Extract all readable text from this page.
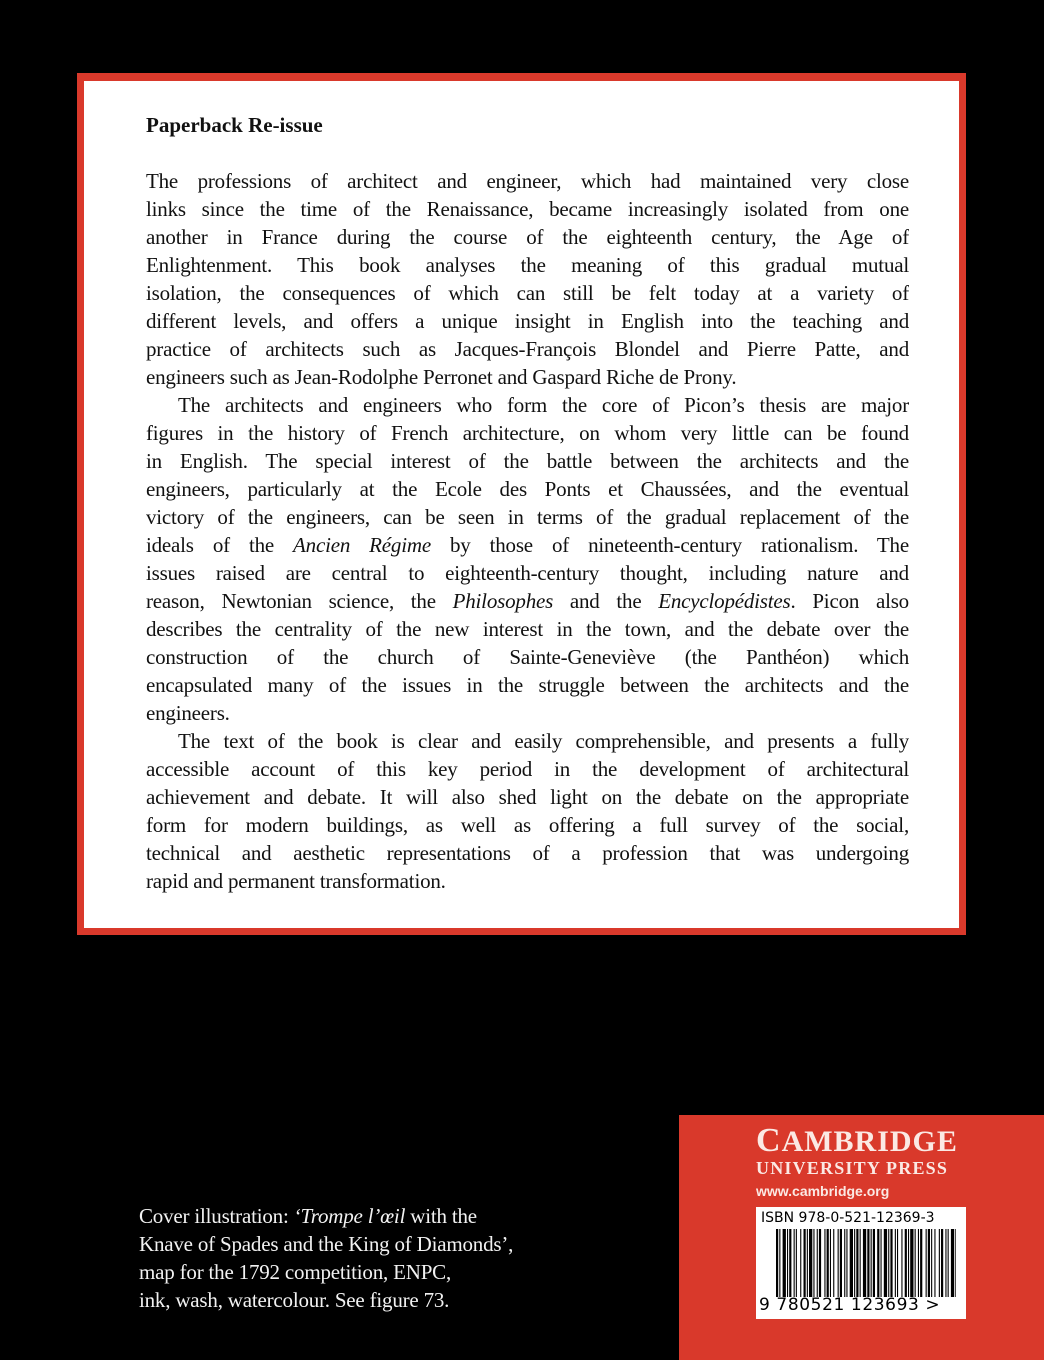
Paperback Re-issue
The professions of architect and engineer, which had maintained very close
links since the time of the Renaissance, became increasingly isolated from one
another in France during the course of the eighteenth century, the Age of
Enlightenment. This book analyses the meaning of this gradual mutual
isolation, the consequences of which can still be felt today at a variety of
different levels, and offers a unique insight in English into the teaching and
practice of architects such as Jacques-François Blondel and Pierre Patte, and
engineers such as Jean-Rodolphe Perronet and Gaspard Riche de Prony.
The architects and engineers who form the core of Picon’s thesis are major
figures in the history of French architecture, on whom very little can be found
in English. The special interest of the battle between the architects and the
engineers, particularly at the Ecole des Ponts et Chaussées, and the eventual
victory of the engineers, can be seen in terms of the gradual replacement of the
ideals of the Ancien Régime by those of nineteenth-century rationalism. The
issues raised are central to eighteenth-century thought, including nature and
reason, Newtonian science, the Philosophes and the Encyclopédistes. Picon also
describes the centrality of the new interest in the town, and the debate over the
construction of the church of Sainte-Geneviève (the Panthéon) which
encapsulated many of the issues in the struggle between the architects and the
engineers.
The text of the book is clear and easily comprehensible, and presents a fully
accessible account of this key period in the development of architectural
achievement and debate. It will also shed light on the debate on the appropriate
form for modern buildings, as well as offering a full survey of the social,
technical and aesthetic representations of a profession that was undergoing
rapid and permanent transformation.
Cover illustration: ‘Trompe l’œil with the
Knave of Spades and the King of Diamonds’,
map for the 1792 competition, ENPC,
ink, wash, watercolour. See figure 73.
CAMBRIDGE
UNIVERSITY PRESS
www.cambridge.org
ISBN 978-0-521-12369-3
9 780521 123693 >
